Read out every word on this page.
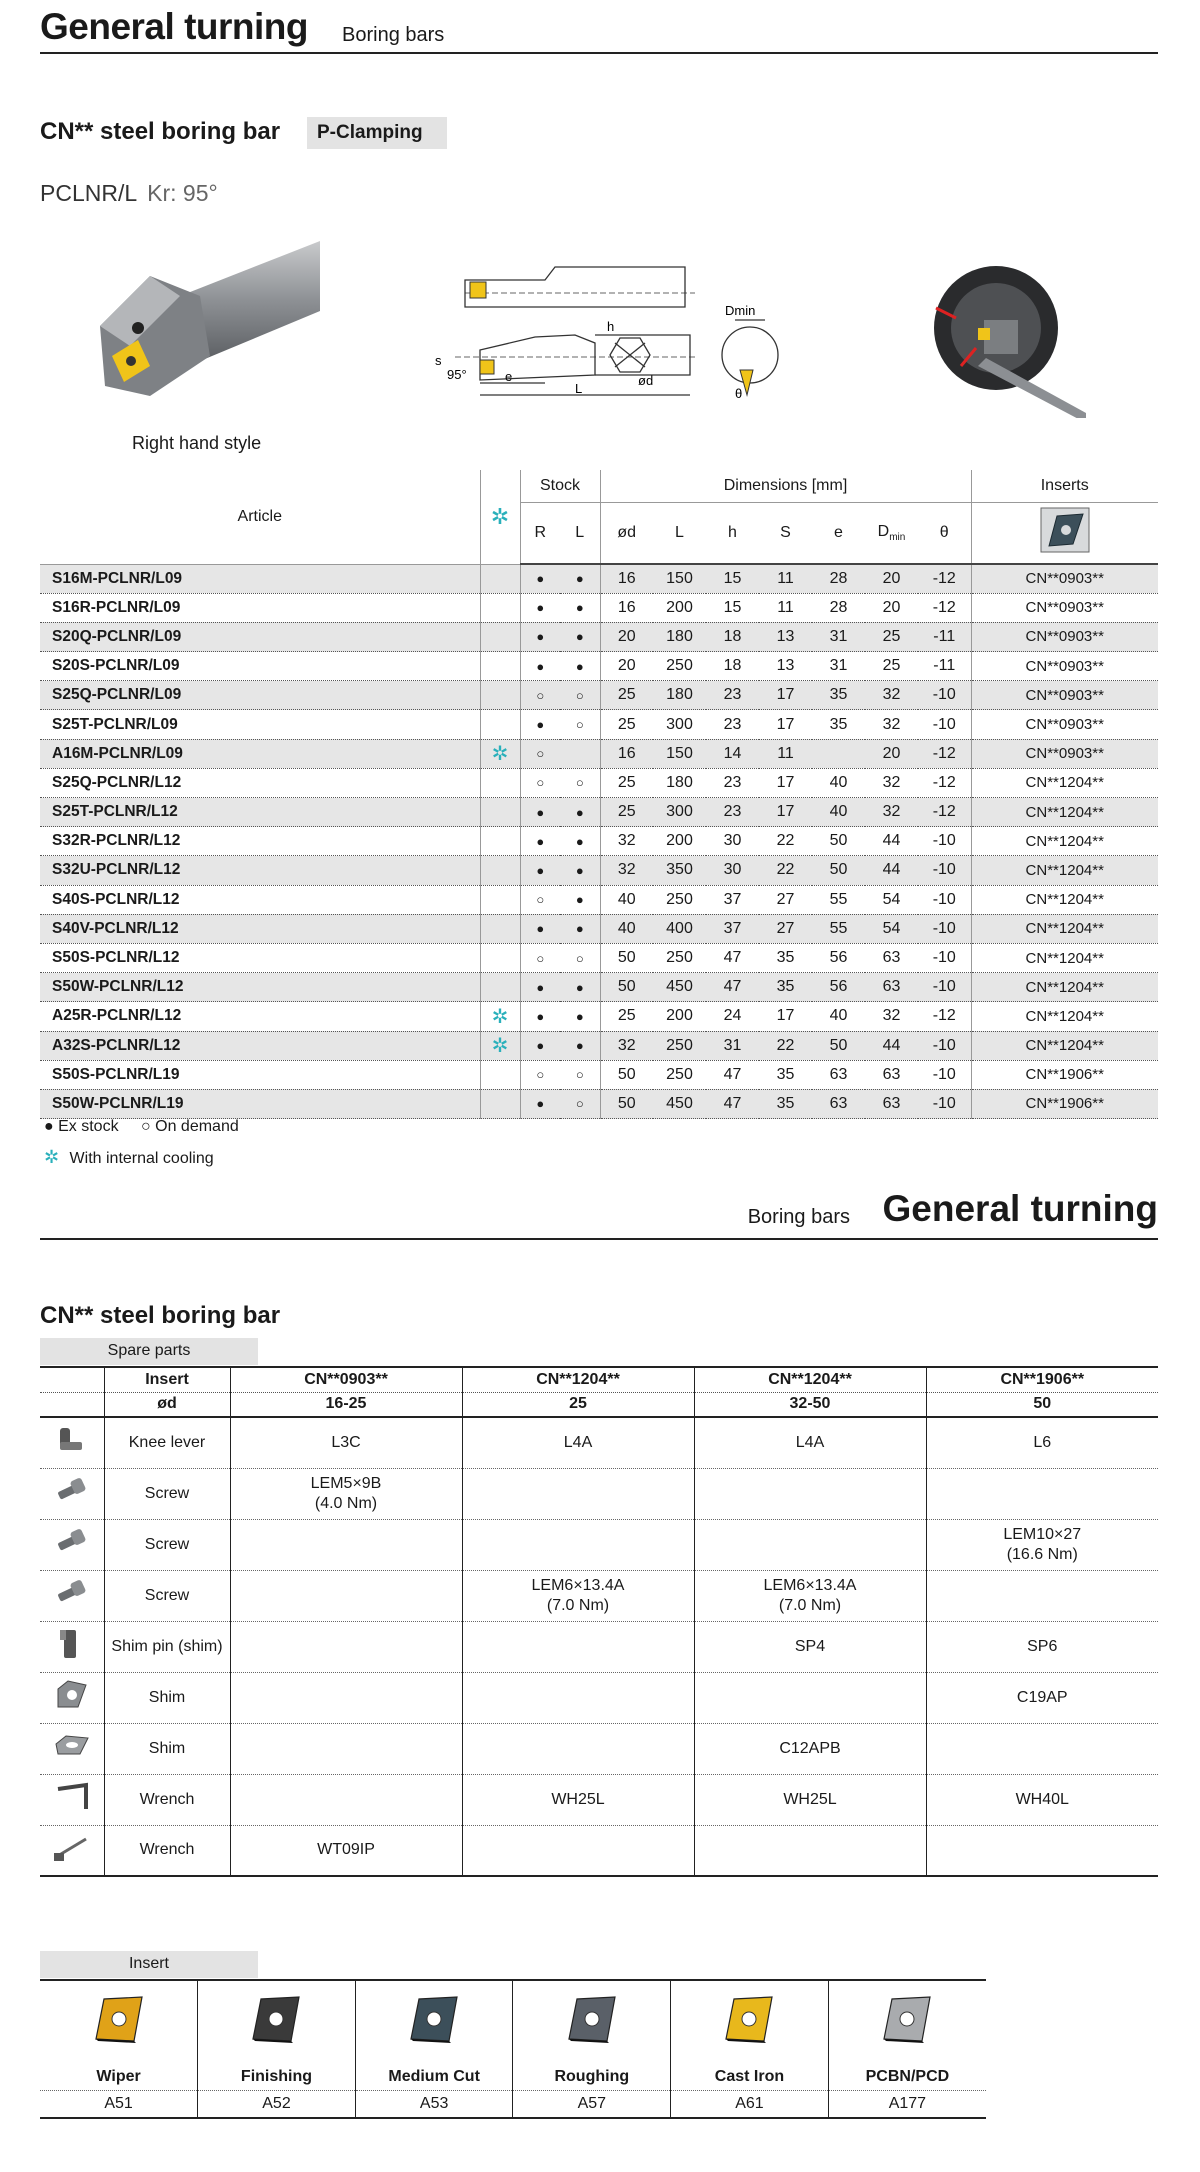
General turning Boring bars
CN** steel boring bar	P-Clamping
PCLNR/L Kr: 95°
s
95°	e
L
h
ød
Dmin
θ
Right hand style
Article	✲	Stock		Dimensions [mm]							Inserts
		R	L	ød	L	h	S	e	$D_{min}$	θ	
S16M-PCLNR/L09		●	●	16	150	15	11	28	20	-12	CN**0903**
S16R-PCLNR/L09		●	●	16	200	15	11	28	20	-12	CN**0903**
S20Q-PCLNR/L09		●	●	20	180	18	13	31	25	-11	CN**0903**
S20S-PCLNR/L09		●	●	20	250	18	13	31	25	-11	CN**0903**
S25Q-PCLNR/L09		○	○	25	180	23	17	35	32	-10	CN**0903**
S25T-PCLNR/L09		●	○	25	300	23	17	35	32	-10	CN**0903**
A16M-PCLNR/L09	✲	○		16	150	14	11		20	-12	CN**0903**
S25Q-PCLNR/L12		○	○	25	180	23	17	40	32	-12	CN**1204**
S25T-PCLNR/L12		●	●	25	300	23	17	40	32	-12	CN**1204**
S32R-PCLNR/L12		●	●	32	200	30	22	50	44	-10	CN**1204**
S32U-PCLNR/L12		●	●	32	350	30	22	50	44	-10	CN**1204**
S40S-PCLNR/L12		○	●	40	250	37	27	55	54	-10	CN**1204**
S40V-PCLNR/L12		●	●	40	400	37	27	55	54	-10	CN**1204**
S50S-PCLNR/L12		○	○	50	250	47	35	56	63	-10	CN**1204**
S50W-PCLNR/L12		●	●	50	450	47	35	56	63	-10	CN**1204**
A25R-PCLNR/L12	✲	●	●	25	200	24	17	40	32	-12	CN**1204**
A32S-PCLNR/L12	✲	●	●	32	250	31	22	50	44	-10	CN**1204**
S50S-PCLNR/L19		○	○	50	250	47	35	63	63	-10	CN**1906**
S50W-PCLNR/L19		●	○	50	450	47	35	63	63	-10	CN**1906**
● Ex stock ○ On demand
✲ With internal cooling
Boring bars General turning
CN** steel boring bar
Spare parts
	Insert	CN**0903**	CN**1204**	CN**1204**	CN**1906**
	ød	16-25	25	32-50	50
	Knee lever	L3C	L4A	L4A	L6
	Screw	LEM5×9B
(4.0 Nm)			
	Screw				LEM10×27
(16.6 Nm)
	Screw		LEM6×13.4A
(7.0 Nm)	LEM6×13.4A
(7.0 Nm)	
	Shim pin (shim)			SP4	SP6
	Shim				C19AP
	Shim			C12APB	
	Wrench		WH25L	WH25L	WH40L
	Wrench	WT09IP			
Insert

Wiper	Finishing	Medium Cut	Roughing	Cast Iron	PCBN/PCD
A51	A52	A53	A57	A61	A177
